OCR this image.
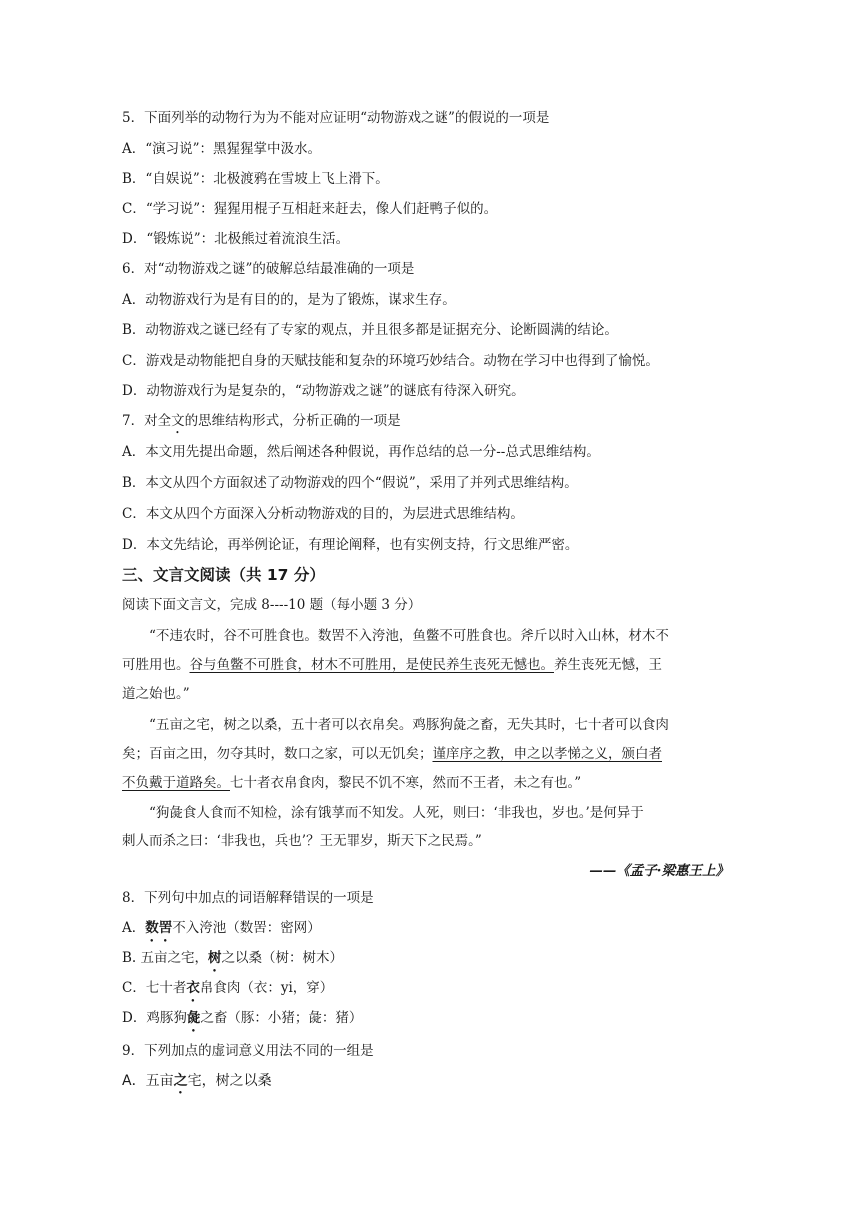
5．下面列举的动物行为为不能对应证明“动物游戏之谜”的假说的一项是
A．“演习说”：黑猩猩掌中汲水。
B．“自娱说”：北极渡鸦在雪坡上飞上滑下。
C．“学习说”：猩猩用棍子互相赶来赶去，像人们赶鸭子似的。
D．“锻炼说”：北极熊过着流浪生活。
6．对“动物游戏之谜”的破解总结最准确的一项是
A．动物游戏行为是有目的的，是为了锻炼，谋求生存。
B．动物游戏之谜已经有了专家的观点，并且很多都是证据充分、论断圆满的结论。
C．游戏是动物能把自身的天赋技能和复杂的环境巧妙结合。动物在学习中也得到了愉悦。
D．动物游戏行为是复杂的，“动物游戏之谜”的谜底有待深入研究。
7．对全文的思维结构形式，分析正确的一项是
A．本文用先提出命题，然后阐述各种假说，再作总结的总一分--总式思维结构。
B．本文从四个方面叙述了动物游戏的四个“假说”，采用了并列式思维结构。
C．本文从四个方面深入分析动物游戏的目的，为层进式思维结构。
D．本文先结论，再举例论证，有理论阐释，也有实例支持，行文思维严密。
三、文言文阅读（共 17 分）
阅读下面文言文，完成 8----10 题（每小题 3 分）
“不违农时，谷不可胜食也。数罟不入洿池，鱼鳖不可胜食也。斧斤以时入山林，材木不
可胜用也。谷与鱼鳖不可胜食，材木不可胜用，是使民养生丧死无憾也。养生丧死无憾，王
道之始也。”
“五亩之宅，树之以桑，五十者可以衣帛矣。鸡豚狗彘之畜，无失其时，七十者可以食肉
矣；百亩之田，勿夺其时，数口之家，可以无饥矣；谨庠序之教，申之以孝悌之义，颁白者
不负戴于道路矣。七十者衣帛食肉，黎民不饥不寒，然而不王者，未之有也。”
“狗彘食人食而不知检，涂有饿莩而不知发。人死，则曰：‘非我也，岁也。’是何异于
刺人而杀之曰：‘非我也，兵也’？王无罪岁，斯天下之民焉。”
——《孟子·梁惠王上》
8．下列句中加点的词语解释错误的一项是
A．数罟不入洿池（数罟：密网）
B. 五亩之宅，树之以桑（树：树木）
C．七十者衣帛食肉（衣：yi，穿）
D．鸡豚狗彘之畜（豚：小猪；彘：猪）
9．下列加点的虚词意义用法不同的一组是
A．五亩之宅，树之以桑
